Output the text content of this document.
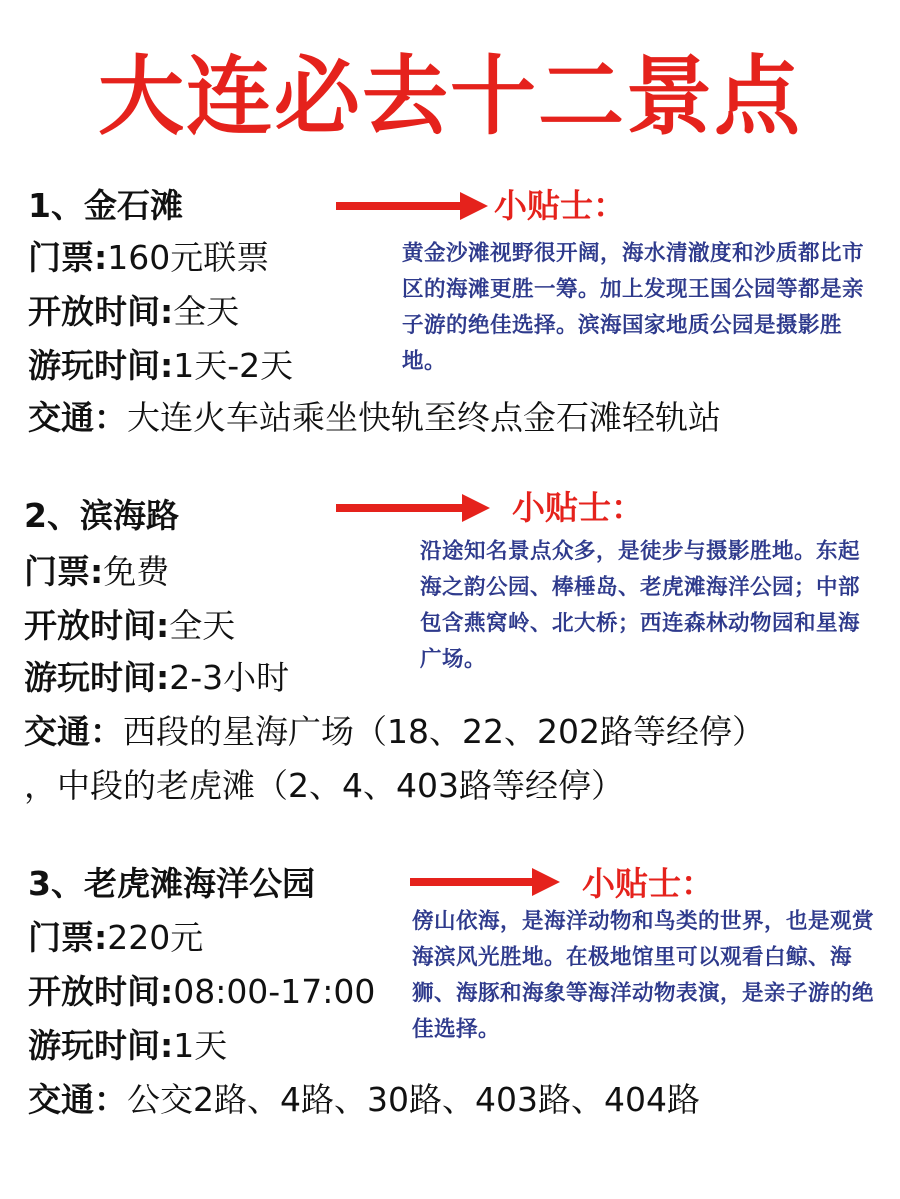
大连必去十二景点
1、金石滩	小贴士：
门票:160元联票
开放时间:全天
游玩时间:1天-2天
交通：大连火车站乘坐快轨至终点金石滩轻轨站
黄金沙滩视野很开阔，海水清澈度和沙质都比市区的海滩更胜一筹。加上发现王国公园等都是亲子游的绝佳选择。滨海国家地质公园是摄影胜地。
2、滨海路	小贴士：
门票:免费
开放时间:全天
游玩时间:2-3小时
交通：西段的星海广场（18、22、202路等经停）
，中段的老虎滩（2、4、403路等经停）
沿途知名景点众多，是徒步与摄影胜地。东起海之韵公园、棒棰岛、老虎滩海洋公园；中部包含燕窝岭、北大桥；西连森林动物园和星海广场。
3、老虎滩海洋公园	小贴士：
门票:220元
开放时间:08:00-17:00
游玩时间:1天
交通：公交2路、4路、30路、403路、404路
傍山依海，是海洋动物和鸟类的世界，也是观赏海滨风光胜地。在极地馆里可以观看白鲸、海狮、海豚和海象等海洋动物表演，是亲子游的绝佳选择。
